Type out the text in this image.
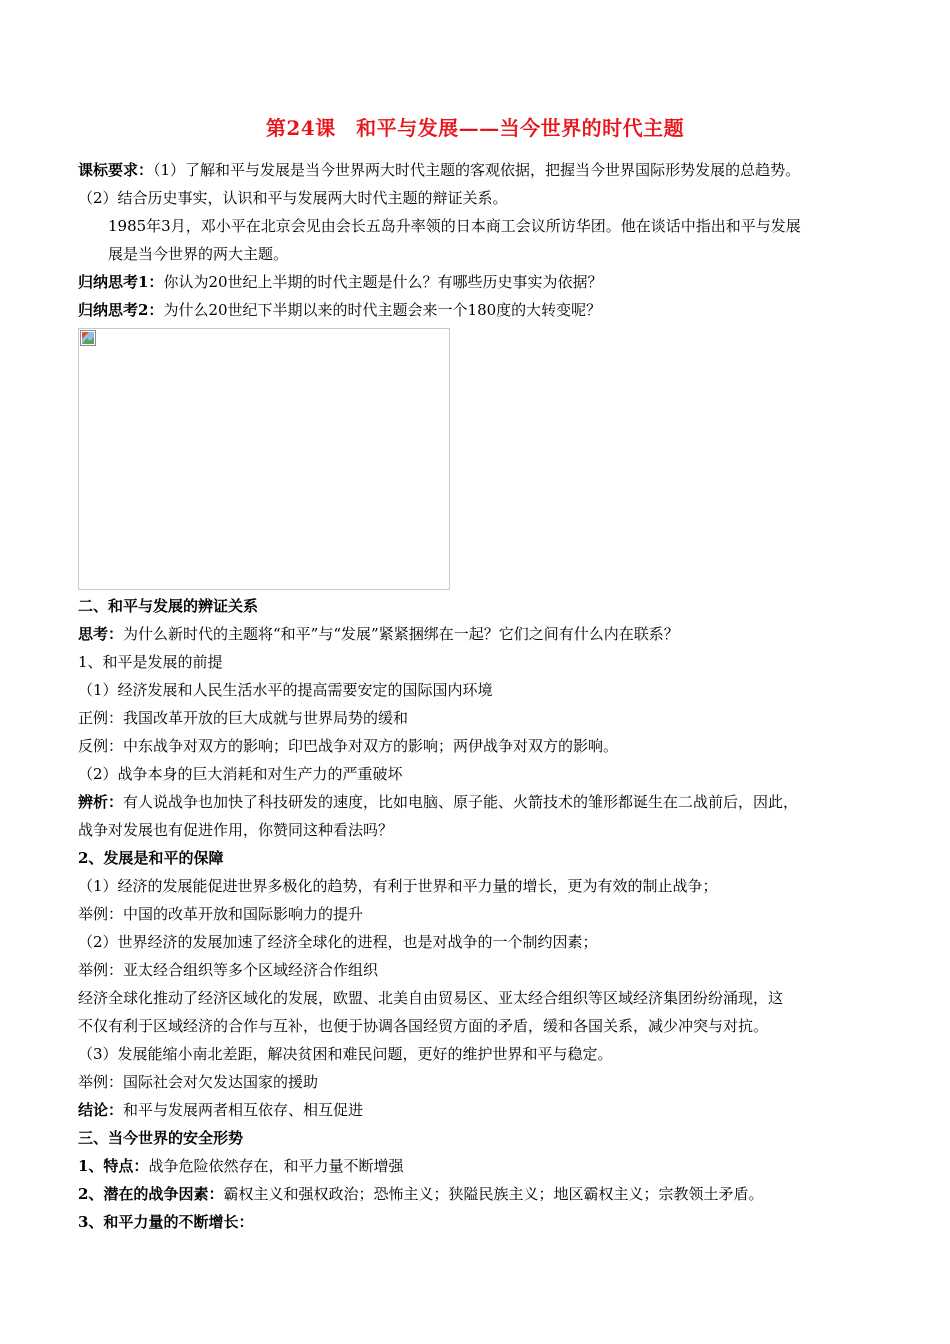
第24课　和平与发展——当今世界的时代主题

课标要求：（1）了解和平与发展是当今世界两大时代主题的客观依据，把握当今世界国际形势发展的总趋势。

（2）结合历史事实，认识和平与发展两大时代主题的辩证关系。

1985年3月，邓小平在北京会见由会长五岛升率领的日本商工会议所访华团。他在谈话中指出和平与发展

展是当今世界的两大主题。

归纳思考1：你认为20世纪上半期的时代主题是什么？有哪些历史事实为依据？

归纳思考2：为什么20世纪下半期以来的时代主题会来一个180度的大转变呢？

二、和平与发展的辨证关系

思考：为什么新时代的主题将“和平”与“发展”紧紧捆绑在一起？它们之间有什么内在联系？

1、和平是发展的前提

（1）经济发展和人民生活水平的提高需要安定的国际国内环境

正例：我国改革开放的巨大成就与世界局势的缓和

反例：中东战争对双方的影响；印巴战争对双方的影响；两伊战争对双方的影响。

（2）战争本身的巨大消耗和对生产力的严重破坏

辨析：有人说战争也加快了科技研发的速度，比如电脑、原子能、火箭技术的雏形都诞生在二战前后，因此，

战争对发展也有促进作用，你赞同这种看法吗？

2、发展是和平的保障

（1）经济的发展能促进世界多极化的趋势，有利于世界和平力量的增长，更为有效的制止战争；

举例：中国的改革开放和国际影响力的提升

（2）世界经济的发展加速了经济全球化的进程，也是对战争的一个制约因素；

举例：亚太经合组织等多个区域经济合作组织

经济全球化推动了经济区域化的发展，欧盟、北美自由贸易区、亚太经合组织等区域经济集团纷纷涌现，这

不仅有利于区域经济的合作与互补，也便于协调各国经贸方面的矛盾，缓和各国关系，减少冲突与对抗。

（3）发展能缩小南北差距，解决贫困和难民问题，更好的维护世界和平与稳定。

举例：国际社会对欠发达国家的援助

结论：和平与发展两者相互依存、相互促进

三、当今世界的安全形势

1、特点：战争危险依然存在，和平力量不断增强

2、潜在的战争因素：霸权主义和强权政治；恐怖主义；狭隘民族主义；地区霸权主义；宗教领土矛盾。

3、和平力量的不断增长：
